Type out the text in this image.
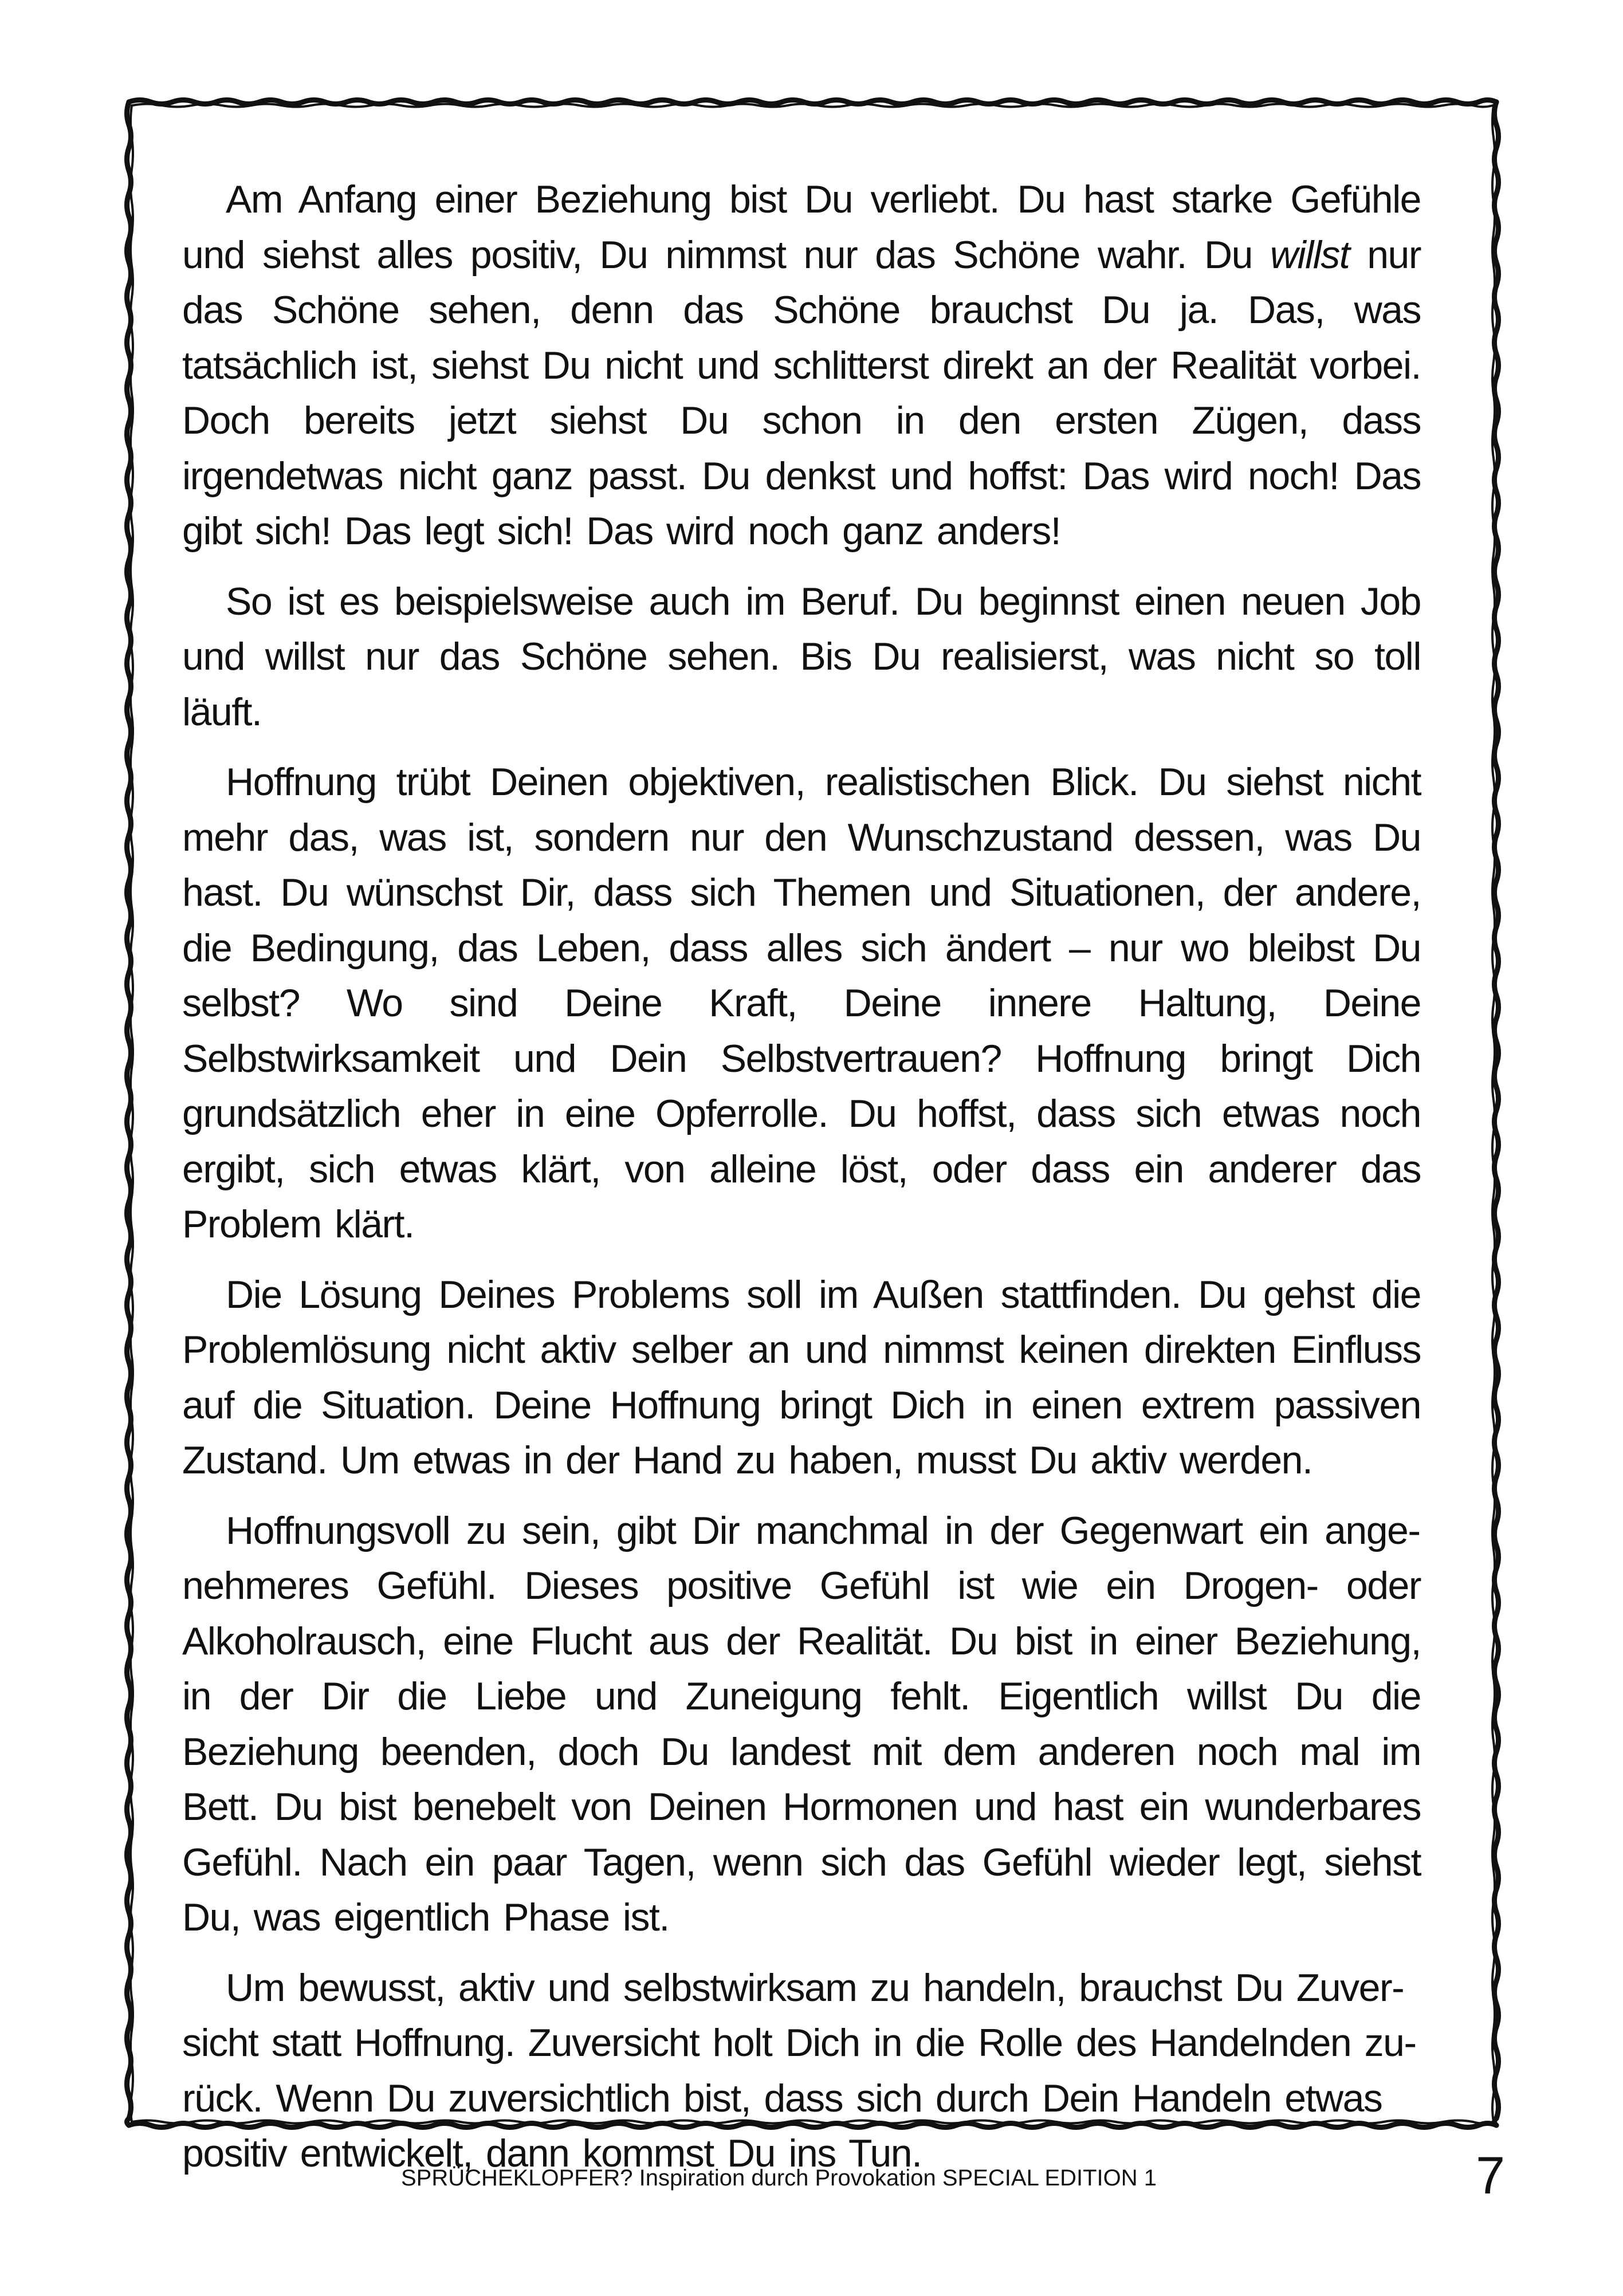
Am Anfang einer Beziehung bist Du verliebt. Du hast starke Gefühle und siehst alles positiv, Du nimmst nur das Schöne wahr. Du willst nur das Schöne sehen, denn das Schöne brauchst Du ja. Das, was tatsächlich ist, siehst Du nicht und schlitterst direkt an der Realität vorbei. Doch bereits jetzt siehst Du schon in den ersten Zügen, dass irgendetwas nicht ganz passt. Du denkst und hoffst: Das wird noch! Das gibt sich! Das legt sich! Das wird noch ganz anders!

So ist es beispielsweise auch im Beruf. Du beginnst einen neuen Job und willst nur das Schöne sehen. Bis Du realisierst, was nicht so toll läuft.

Hoffnung trübt Deinen objektiven, realistischen Blick. Du siehst nicht mehr das, was ist, sondern nur den Wunschzustand dessen, was Du hast. Du wünschst Dir, dass sich Themen und Situationen, der andere, die Bedingung, das Leben, dass alles sich ändert – nur wo bleibst Du selbst? Wo sind Deine Kraft, Deine innere Haltung, Deine Selbstwirksamkeit und Dein Selbstvertrauen? Hoffnung bringt Dich grundsätzlich eher in eine Opferrolle. Du hoffst, dass sich etwas noch ergibt, sich etwas klärt, von alleine löst, oder dass ein anderer das Problem klärt.

Die Lösung Deines Problems soll im Außen stattfinden. Du gehst die Problemlösung nicht aktiv selber an und nimmst keinen direkten Einfluss auf die Situation. Deine Hoffnung bringt Dich in einen extrem passiven Zustand. Um etwas in der Hand zu haben, musst Du aktiv werden.

Hoffnungsvoll zu sein, gibt Dir manchmal in der Gegenwart ein angenehmeres Gefühl. Dieses positive Gefühl ist wie ein Drogen- oder Alkoholrausch, eine Flucht aus der Realität. Du bist in einer Beziehung, in der Dir die Liebe und Zuneigung fehlt. Eigentlich willst Du die Beziehung beenden, doch Du landest mit dem anderen noch mal im Bett. Du bist benebelt von Deinen Hormonen und hast ein wunderbares Gefühl. Nach ein paar Tagen, wenn sich das Gefühl wieder legt, siehst Du, was eigentlich Phase ist.

Um bewusst, aktiv und selbstwirksam zu handeln, brauchst Du Zuversicht statt Hoffnung. Zuversicht holt Dich in die Rolle des Handelnden zurück. Wenn Du zuversichtlich bist, dass sich durch Dein Handeln etwas positiv entwickelt, dann kommst Du ins Tun.

SPRÜCHEKLOPFER? Inspiration durch Provokation SPECIAL EDITION 1	7
